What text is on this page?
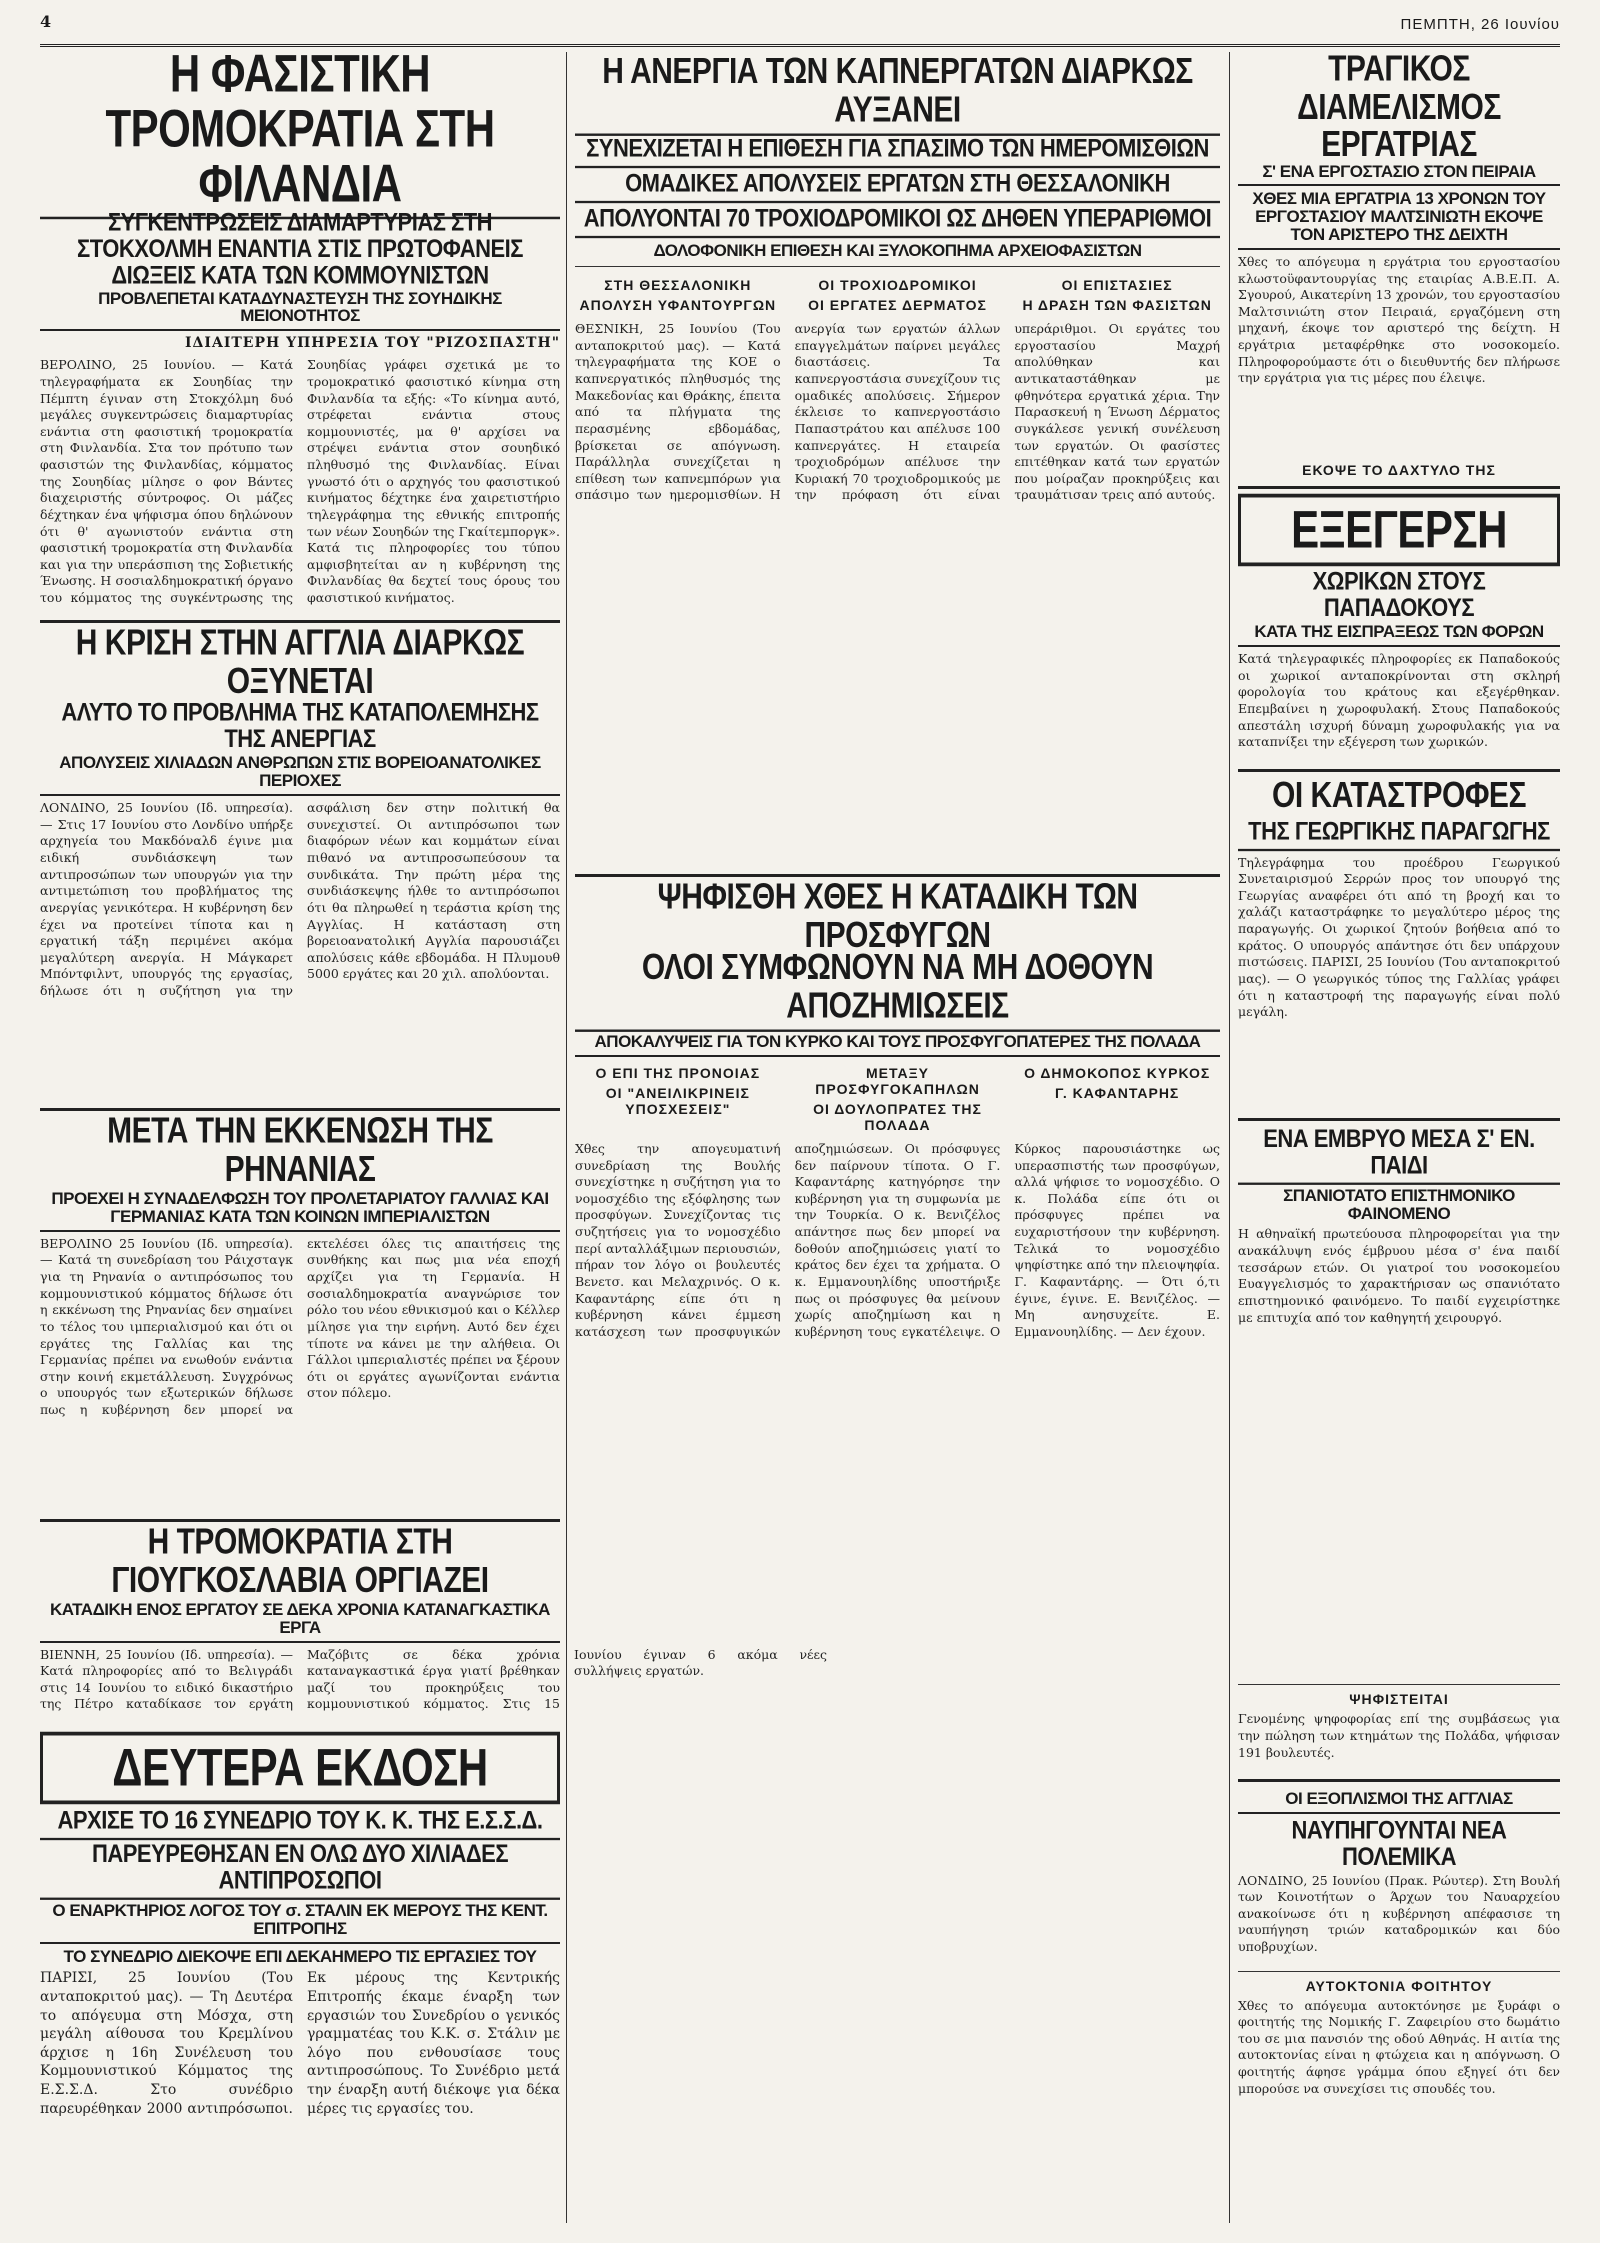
4	ΠΕΜΠΤΗ, 26 Ιουνίου
Η ΦΑΣΙΣΤΙΚΗ ΤΡΟΜΟΚΡΑΤΙΑ ΣΤΗ ΦΙΛΑΝΔΙΑ
ΣΥΓΚΕΝΤΡΩΣΕΙΣ ΔΙΑΜΑΡΤΥΡΙΑΣ ΣΤΗ ΣΤΟΚΧΟΛΜΗ ΕΝΑΝΤΙΑ ΣΤΙΣ ΠΡΩΤΟΦΑΝΕΙΣ ΔΙΩΞΕΙΣ ΚΑΤΑ ΤΩΝ ΚΟΜΜΟΥΝΙΣΤΩΝ
ΠΡΟΒΛΕΠΕΤΑΙ ΚΑΤΑΔΥΝΑΣΤΕΥΣΗ ΤΗΣ ΣΟΥΗΔΙΚΗΣ ΜΕΙΟΝΟΤΗΤΟΣ
ΙΔΙΑΙΤΕΡΗ ΥΠΗΡΕΣΙΑ ΤΟΥ "ΡΙΖΟΣΠΑΣΤΗ"
ΒΕΡΟΛΙΝΟ, 25 Ιουνίου. — Κατά τηλεγραφήματα εκ Σουηδίας την Πέμπτη έγιναν στη Στοκχόλμη δυό μεγάλες συγκεντρώσεις διαμαρτυρίας ενάντια στη φασιστική τρομοκρατία στη Φινλανδία. Στα τον πρότυπο των φασιστών της Φινλανδίας, κόμματος της Σουηδίας μίλησε ο φον Βάντες διαχειριστής σύντροφος. Οι μάζες δέχτηκαν ένα ψήφισμα όπου δηλώνουν ότι θ' αγωνιστούν ενάντια στη φασιστική τρομοκρατία στη Φινλανδία και για την υπεράσπιση της Σοβιετικής Ένωσης. Η σοσιαλδημοκρατική όργανο του κόμματος της συγκέντρωσης της Σουηδίας γράφει σχετικά με το τρομοκρατικό φασιστικό κίνημα στη Φινλανδία τα εξής: «Το κίνημα αυτό, στρέφεται ενάντια στους κομμουνιστές, μα θ' αρχίσει να στρέψει ενάντια στον σουηδικό πληθυσμό της Φινλανδίας. Είναι γνωστό ότι ο αρχηγός του φασιστικού κινήματος δέχτηκε ένα χαιρετιστήριο τηλεγράφημα της εθνικής επιτροπής των νέων Σουηδών της Γκαίτεμποργκ». Κατά τις πληροφορίες του τύπου αμφισβητείται αν η κυβέρνηση της Φινλανδίας θα δεχτεί τους όρους του φασιστικού κινήματος.
Η ΚΡΙΣΗ ΣΤΗΝ ΑΓΓΛΙΑ ΔΙΑΡΚΩΣ ΟΞΥΝΕΤΑΙ
ΑΛΥΤΟ ΤΟ ΠΡΟΒΛΗΜΑ ΤΗΣ ΚΑΤΑΠΟΛΕΜΗΣΗΣ ΤΗΣ ΑΝΕΡΓΙΑΣ
ΑΠΟΛΥΣΕΙΣ ΧΙΛΙΑΔΩΝ ΑΝΘΡΩΠΩΝ ΣΤΙΣ ΒΟΡΕΙΟΑΝΑΤΟΛΙΚΕΣ ΠΕΡΙΟΧΕΣ
ΛΟΝΔΙΝΟ, 25 Ιουνίου (Ιδ. υπηρεσία). — Στις 17 Ιουνίου στο Λονδίνο υπήρξε αρχηγεία του Μακδόναλδ έγινε μια ειδική συνδιάσκεψη των αντιπροσώπων των υπουργών για την αντιμετώπιση του προβλήματος της ανεργίας γενικότερα. Η κυβέρνηση δεν έχει να προτείνει τίποτα και η εργατική τάξη περιμένει ακόμα μεγαλύτερη ανεργία. Η Μάγκαρετ Μπόντφιλντ, υπουργός της εργασίας, δήλωσε ότι η συζήτηση για την ασφάλιση δεν στην πολιτική θα συνεχιστεί. Οι αντιπρόσωποι των διαφόρων νέων και κομμάτων είναι πιθανό να αντιπροσωπεύσουν τα συνδικάτα. Την πρώτη μέρα της συνδιάσκεψης ήλθε το αντιπρόσωποι ότι θα πληρωθεί η τεράστια κρίση της Αγγλίας. Η κατάσταση στη βορειοανατολική Αγγλία παρουσιάζει απολύσεις κάθε εβδομάδα. Η Πλυμουθ 5000 εργάτες και 20 χιλ. απολύονται.
ΜΕΤΑ ΤΗΝ ΕΚΚΕΝΩΣΗ ΤΗΣ ΡΗΝΑΝΙΑΣ
ΠΡΟΕΧΕΙ Η ΣΥΝΑΔΕΛΦΩΣΗ ΤΟΥ ΠΡΟΛΕΤΑΡΙΑΤΟΥ ΓΑΛΛΙΑΣ ΚΑΙ ΓΕΡΜΑΝΙΑΣ ΚΑΤΑ ΤΩΝ ΚΟΙΝΩΝ ΙΜΠΕΡΙΑΛΙΣΤΩΝ
ΒΕΡΟΛΙΝΟ 25 Ιουνίου (Ιδ. υπηρεσία). — Κατά τη συνεδρίαση του Ράιχσταγκ για τη Ρηνανία ο αντιπρόσωπος του κομμουνιστικού κόμματος δήλωσε ότι η εκκένωση της Ρηνανίας δεν σημαίνει το τέλος του ιμπεριαλισμού και ότι οι εργάτες της Γαλλίας και της Γερμανίας πρέπει να ενωθούν ενάντια στην κοινή εκμετάλλευση. Συγχρόνως ο υπουργός των εξωτερικών δήλωσε πως η κυβέρνηση δεν μπορεί να εκτελέσει όλες τις απαιτήσεις της συνθήκης και πως μια νέα εποχή αρχίζει για τη Γερμανία. Η σοσιαλδημοκρατία αναγνώρισε τον ρόλο του νέου εθνικισμού και ο Κέλλερ μίλησε για την ειρήνη. Αυτό δεν έχει τίποτε να κάνει με την αλήθεια. Οι Γάλλοι ιμπεριαλιστές πρέπει να ξέρουν ότι οι εργάτες αγωνίζονται ενάντια στον πόλεμο.
Η ΤΡΟΜΟΚΡΑΤΙΑ ΣΤΗ ΓΙΟΥΓΚΟΣΛΑΒΙΑ ΟΡΓΙΑΖΕΙ
ΚΑΤΑΔΙΚΗ ΕΝΟΣ ΕΡΓΑΤΟΥ ΣΕ ΔΕΚΑ ΧΡΟΝΙΑ ΚΑΤΑΝΑΓΚΑΣΤΙΚΑ ΕΡΓΑ
ΒΙΕΝΝΗ, 25 Ιουνίου (Ιδ. υπηρεσία). — Κατά πληροφορίες από το Βελιγράδι στις 14 Ιουνίου το ειδικό δικαστήριο της Πέτρο καταδίκασε τον εργάτη Μαζόβιτς σε δέκα χρόνια καταναγκαστικά έργα γιατί βρέθηκαν μαζί του προκηρύξεις του κομμουνιστικού κόμματος. Στις 15 Ιουνίου έγιναν 6 ακόμα νέες συλλήψεις εργατών.
ΔΕΥΤΕΡΑ ΕΚΔΟΣΗ
ΑΡΧΙΣΕ ΤΟ 16 ΣΥΝΕΔΡΙΟ ΤΟΥ Κ. Κ. ΤΗΣ Ε.Σ.Σ.Δ.
ΠΑΡΕΥΡΕΘΗΣΑΝ ΕΝ ΟΛΩ ΔΥΟ ΧΙΛΙΑΔΕΣ ΑΝΤΙΠΡΟΣΩΠΟΙ
Ο ΕΝΑΡΚΤΗΡΙΟΣ ΛΟΓΟΣ ΤΟΥ σ. ΣΤΑΛΙΝ ΕΚ ΜΕΡΟΥΣ ΤΗΣ ΚΕΝΤ. ΕΠΙΤΡΟΠΗΣ
ΤΟ ΣΥΝΕΔΡΙΟ ΔΙΕΚΟΨΕ ΕΠΙ ΔΕΚΑΗΜΕΡΟ ΤΙΣ ΕΡΓΑΣΙΕΣ ΤΟΥ
ΠΑΡΙΣΙ, 25 Ιουνίου (Του ανταποκριτού μας). — Τη Δευτέρα το απόγευμα στη Μόσχα, στη μεγάλη αίθουσα του Κρεμλίνου άρχισε η 16η Συνέλευση του Κομμουνιστικού Κόμματος της Ε.Σ.Σ.Δ. Στο συνέδριο παρευρέθηκαν 2000 αντιπρόσωποι. Εκ μέρους της Κεντρικής Επιτροπής έκαμε έναρξη των εργασιών του Συνεδρίου ο γενικός γραμματέας του Κ.Κ. σ. Στάλιν με λόγο που ενθουσίασε τους αντιπροσώπους. Το Συνέδριο μετά την έναρξη αυτή διέκοψε για δέκα μέρες τις εργασίες του.
Η ΑΝΕΡΓΙΑ ΤΩΝ ΚΑΠΝΕΡΓΑΤΩΝ ΔΙΑΡΚΩΣ ΑΥΞΑΝΕΙ
ΣΥΝΕΧΙΖΕΤΑΙ Η ΕΠΙΘΕΣΗ ΓΙΑ ΣΠΑΣΙΜΟ ΤΩΝ ΗΜΕΡΟΜΙΣΘΙΩΝ
ΟΜΑΔΙΚΕΣ ΑΠΟΛΥΣΕΙΣ ΕΡΓΑΤΩΝ ΣΤΗ ΘΕΣΣΑΛΟΝΙΚΗ
ΑΠΟΛΥΟΝΤΑΙ 70 ΤΡΟΧΙΟΔΡΟΜΙΚΟΙ ΩΣ ΔΗΘΕΝ ΥΠΕΡΑΡΙΘΜΟΙ
ΔΟΛΟΦΟΝΙΚΗ ΕΠΙΘΕΣΗ ΚΑΙ ΞΥΛΟΚΟΠΗΜΑ ΑΡΧΕΙΟΦΑΣΙΣΤΩΝ
ΣΤΗ ΘΕΣΣΑΛΟΝΙΚΗ
ΑΠΟΛΥΣΗ ΥΦΑΝΤΟΥΡΓΩΝ
ΟΙ ΤΡΟΧΙΟΔΡΟΜΙΚΟΙ
ΟΙ ΕΡΓΑΤΕΣ ΔΕΡΜΑΤΟΣ
ΟΙ ΕΠΙΣΤΑΣΙΕΣ
Η ΔΡΑΣΗ ΤΩΝ ΦΑΣΙΣΤΩΝ
ΘΕΣΝΙΚΗ, 25 Ιουνίου (Του ανταποκριτού μας). — Κατά τηλεγραφήματα της ΚΟΕ ο καπνεργατικός πληθυσμός της Μακεδονίας και Θράκης, έπειτα από τα πλήγματα της περασμένης εβδομάδας, βρίσκεται σε απόγνωση. Παράλληλα συνεχίζεται η επίθεση των καπνεμπόρων για σπάσιμο των ημερομισθίων. Η ανεργία των εργατών άλλων επαγγελμάτων παίρνει μεγάλες διαστάσεις. Τα καπνεργοστάσια συνεχίζουν τις ομαδικές απολύσεις. Σήμερον έκλεισε το καπνεργοστάσιο Παπαστράτου και απέλυσε 100 καπνεργάτες. Η εταιρεία τροχιοδρόμων απέλυσε την Κυριακή 70 τροχιοδρομικούς με την πρόφαση ότι είναι υπεράριθμοι. Οι εργάτες του εργοστασίου Μαχρή απολύθηκαν και αντικαταστάθηκαν με φθηνότερα εργατικά χέρια. Την Παρασκευή η Ένωση Δέρματος συγκάλεσε γενική συνέλευση των εργατών. Οι φασίστες επιτέθηκαν κατά των εργατών που μοίραζαν προκηρύξεις και τραυμάτισαν τρεις από αυτούς.
ΨΗΦΙΣΘΗ ΧΘΕΣ Η ΚΑΤΑΔΙΚΗ ΤΩΝ ΠΡΟΣΦΥΓΩΝ
ΟΛΟΙ ΣΥΜΦΩΝΟΥΝ ΝΑ ΜΗ ΔΟΘΟΥΝ ΑΠΟΖΗΜΙΩΣΕΙΣ
ΑΠΟΚΑΛΥΨΕΙΣ ΓΙΑ ΤΟΝ ΚΥΡΚΟ ΚΑΙ ΤΟΥΣ ΠΡΟΣΦΥΓΟΠΑΤΕΡΕΣ ΤΗΣ ΠΟΛΑΔΑ
Ο ΕΠΙ ΤΗΣ ΠΡΟΝΟΙΑΣ
ΟΙ "ΑΝΕΙΛΙΚΡΙΝΕΙΣ ΥΠΟΣΧΕΣΕΙΣ"
ΜΕΤΑΞΥ ΠΡΟΣΦΥΓΟΚΑΠΗΛΩΝ
ΟΙ ΔΟΥΛΟΠΡΑΤΕΣ ΤΗΣ ΠΟΛΑΔΑ
Ο ΔΗΜΟΚΟΠΟΣ ΚΥΡΚΟΣ
Γ. ΚΑΦΑΝΤΑΡΗΣ
Χθες την απογευματινή συνεδρίαση της Βουλής συνεχίστηκε η συζήτηση για το νομοσχέδιο της εξόφλησης των προσφύγων. Συνεχίζοντας τις συζητήσεις για το νομοσχέδιο περί ανταλλάξιμων περιουσιών, πήραν τον λόγο οι βουλευτές Βενετσ. και Μελαχρινός. Ο κ. Καφαντάρης είπε ότι η κυβέρνηση κάνει έμμεση κατάσχεση των προσφυγικών αποζημιώσεων. Οι πρόσφυγες δεν παίρνουν τίποτα. Ο Γ. Καφαντάρης κατηγόρησε την κυβέρνηση για τη συμφωνία με την Τουρκία. Ο κ. Βενιζέλος απάντησε πως δεν μπορεί να δοθούν αποζημιώσεις γιατί το κράτος δεν έχει τα χρήματα. Ο κ. Εμμανουηλίδης υποστήριξε πως οι πρόσφυγες θα μείνουν χωρίς αποζημίωση και η κυβέρνηση τους εγκατέλειψε. Ο Κύρκος παρουσιάστηκε ως υπερασπιστής των προσφύγων, αλλά ψήφισε το νομοσχέδιο. Ο κ. Πολάδα είπε ότι οι πρόσφυγες πρέπει να ευχαριστήσουν την κυβέρνηση. Τελικά το νομοσχέδιο ψηφίστηκε από την πλειοψηφία. Γ. Καφαντάρης. — Ότι ό,τι έγινε, έγινε. Ε. Βενιζέλος. — Μη ανησυχείτε. Ε. Εμμανουηλίδης. — Δεν έχουν.
ΤΡΑΓΙΚΟΣ ΔΙΑΜΕΛΙΣΜΟΣ ΕΡΓΑΤΡΙΑΣ
Σ' ΕΝΑ ΕΡΓΟΣΤΑΣΙΟ ΣΤΟΝ ΠΕΙΡΑΙΑ
ΧΘΕΣ ΜΙΑ ΕΡΓΑΤΡΙΑ 13 ΧΡΟΝΩΝ ΤΟΥ ΕΡΓΟΣΤΑΣΙΟΥ ΜΑΛΤΣΙΝΙΩΤΗ ΕΚΟΨΕ ΤΟΝ ΑΡΙΣΤΕΡΟ ΤΗΣ ΔΕΙΧΤΗ
Χθες το απόγευμα η εργάτρια του εργοστασίου κλωστοϋφαντουργίας της εταιρίας Α.Β.Ε.Π. Α. Σγουρού, Αικατερίνη 13 χρονών, του εργοστασίου Μαλτσινιώτη στον Πειραιά, εργαζόμενη στη μηχανή, έκοψε τον αριστερό της δείχτη. Η εργάτρια μεταφέρθηκε στο νοσοκομείο. Πληροφορούμαστε ότι ο διευθυντής δεν πλήρωσε την εργάτρια για τις μέρες που έλειψε.
ΕΚΟΨΕ ΤΟ ΔΑΧΤΥΛΟ ΤΗΣ
ΕΞΕΓΕΡΣΗ
ΧΩΡΙΚΩΝ ΣΤΟΥΣ ΠΑΠΑΔΟΚΟΥΣ
ΚΑΤΑ ΤΗΣ ΕΙΣΠΡΑΞΕΩΣ ΤΩΝ ΦΟΡΩΝ
Κατά τηλεγραφικές πληροφορίες εκ Παπαδοκούς οι χωρικοί ανταποκρίνονται στη σκληρή φορολογία του κράτους και εξεγέρθηκαν. Επεμβαίνει η χωροφυλακή. Στους Παπαδοκούς απεστάλη ισχυρή δύναμη χωροφυλακής για να καταπνίξει την εξέγερση των χωρικών.
ΟΙ ΚΑΤΑΣΤΡΟΦΕΣ
ΤΗΣ ΓΕΩΡΓΙΚΗΣ ΠΑΡΑΓΩΓΗΣ
Τηλεγράφημα του προέδρου Γεωργικού Συνεταιρισμού Σερρών προς τον υπουργό της Γεωργίας αναφέρει ότι από τη βροχή και το χαλάζι καταστράφηκε το μεγαλύτερο μέρος της παραγωγής. Οι χωρικοί ζητούν βοήθεια από το κράτος. Ο υπουργός απάντησε ότι δεν υπάρχουν πιστώσεις. ΠΑΡΙΣΙ, 25 Ιουνίου (Του ανταποκριτού μας). — Ο γεωργικός τύπος της Γαλλίας γράφει ότι η καταστροφή της παραγωγής είναι πολύ μεγάλη.
ΕΝΑ ΕΜΒΡΥΟ ΜΕΣΑ Σ' ΕΝ. ΠΑΙΔΙ
ΣΠΑΝΙΟΤΑΤΟ ΕΠΙΣΤΗΜΟΝΙΚΟ ΦΑΙΝΟΜΕΝΟ
Η αθηναϊκή πρωτεύουσα πληροφορείται για την ανακάλυψη ενός έμβρυου μέσα σ' ένα παιδί τεσσάρων ετών. Οι γιατροί του νοσοκομείου Ευαγγελισμός το χαρακτήρισαν ως σπανιότατο επιστημονικό φαινόμενο. Το παιδί εγχειρίστηκε με επιτυχία από τον καθηγητή χειρουργό.
ΨΗΦΙΣΤΕΙΤΑΙ
Γενομένης ψηφοφορίας επί της συμβάσεως για την πώληση των κτημάτων της Πολάδα, ψήφισαν 191 βουλευτές.
ΟΙ ΕΞΟΠΛΙΣΜΟΙ ΤΗΣ ΑΓΓΛΙΑΣ
ΝΑΥΠΗΓΟΥΝΤΑΙ ΝΕΑ ΠΟΛΕΜΙΚΑ
ΛΟΝΔΙΝΟ, 25 Ιουνίου (Πρακ. Ρώυτερ). Στη Βουλή των Κοινοτήτων ο Άρχων του Ναυαρχείου ανακοίνωσε ότι η κυβέρνηση απέφασισε τη ναυπήγηση τριών καταδρομικών και δύο υποβρυχίων.
ΑΥΤΟΚΤΟΝΙΑ ΦΟΙΤΗΤΟΥ
Χθες το απόγευμα αυτοκτόνησε με ξυράφι ο φοιτητής της Νομικής Γ. Ζαφειρίου στο δωμάτιο του σε μια πανσιόν της οδού Αθηνάς. Η αιτία της αυτοκτονίας είναι η φτώχεια και η απόγνωση. Ο φοιτητής άφησε γράμμα όπου εξηγεί ότι δεν μπορούσε να συνεχίσει τις σπουδές του.
